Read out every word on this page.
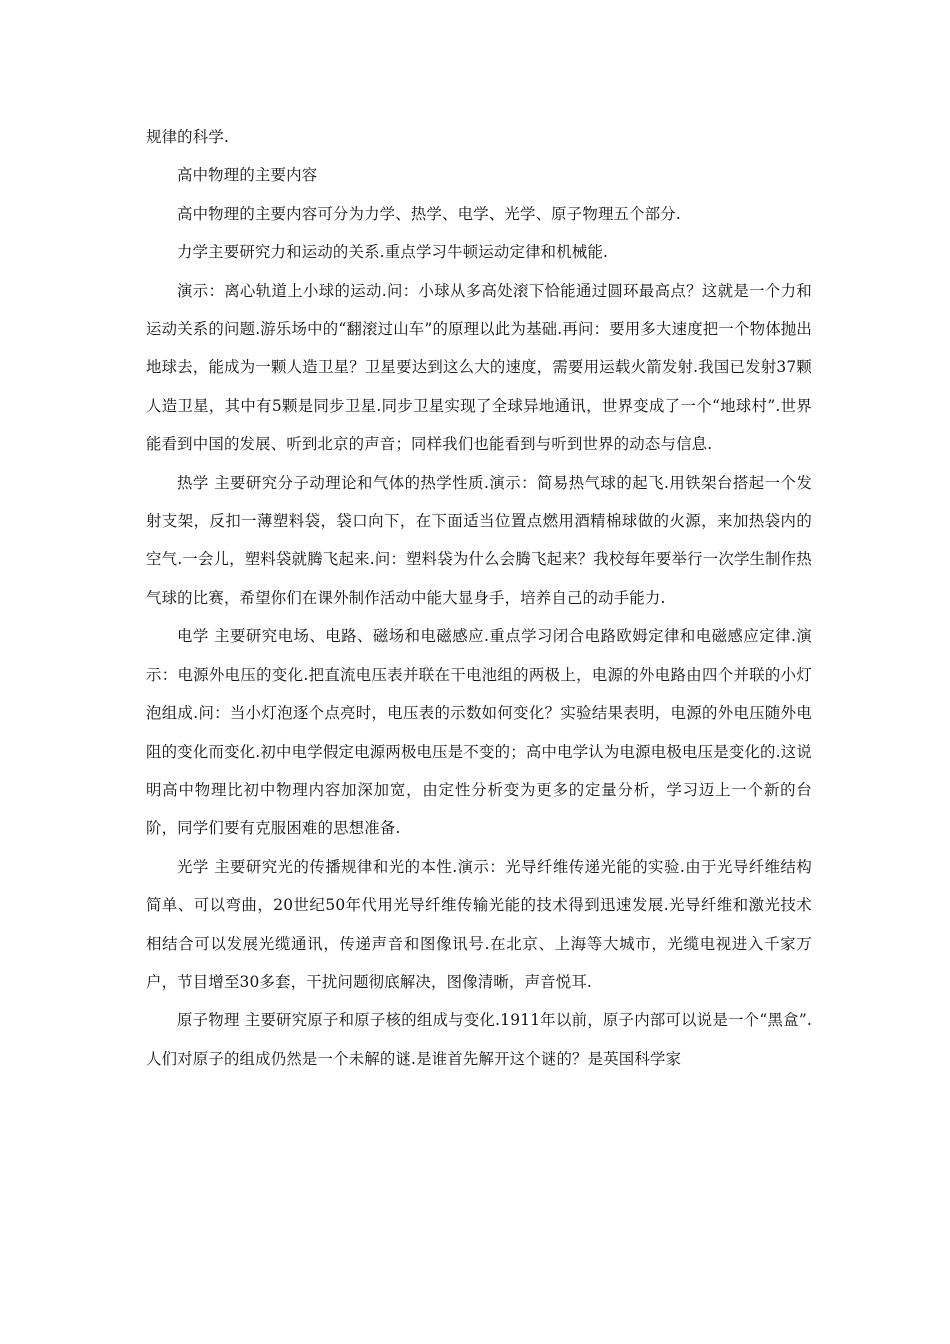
规律的科学.

高中物理的主要内容

高中物理的主要内容可分为力学、热学、电学、光学、原子物理五个部分.

力学主要研究力和运动的关系.重点学习牛顿运动定律和机械能.

演示：离心轨道上小球的运动.问：小球从多高处滚下恰能通过圆环最高点？这就是一个力和运动关系的问题.游乐场中的“翻滚过山车”的原理以此为基础.再问：要用多大速度把一个物体抛出地球去，能成为一颗人造卫星？卫星要达到这么大的速度，需要用运载火箭发射.我国已发射37颗人造卫星，其中有5颗是同步卫星.同步卫星实现了全球异地通讯，世界变成了一个“地球村”.世界能看到中国的发展、听到北京的声音；同样我们也能看到与听到世界的动态与信息.

热学 主要研究分子动理论和气体的热学性质.演示：简易热气球的起飞.用铁架台搭起一个发射支架，反扣一薄塑料袋，袋口向下，在下面适当位置点燃用酒精棉球做的火源，来加热袋内的空气.一会儿，塑料袋就腾飞起来.问：塑料袋为什么会腾飞起来？我校每年要举行一次学生制作热气球的比赛，希望你们在课外制作活动中能大显身手，培养自己的动手能力.

电学 主要研究电场、电路、磁场和电磁感应.重点学习闭合电路欧姆定律和电磁感应定律.演示：电源外电压的变化.把直流电压表并联在干电池组的两极上，电源的外电路由四个并联的小灯泡组成.问：当小灯泡逐个点亮时，电压表的示数如何变化？实验结果表明，电源的外电压随外电阻的变化而变化.初中电学假定电源两极电压是不变的；高中电学认为电源电极电压是变化的.这说明高中物理比初中物理内容加深加宽，由定性分析变为更多的定量分析，学习迈上一个新的台阶，同学们要有克服困难的思想准备.

光学 主要研究光的传播规律和光的本性.演示：光导纤维传递光能的实验.由于光导纤维结构简单、可以弯曲，20世纪50年代用光导纤维传输光能的技术得到迅速发展.光导纤维和激光技术相结合可以发展光缆通讯，传递声音和图像讯号.在北京、上海等大城市，光缆电视进入千家万户，节目增至30多套，干扰问题彻底解决，图像清晰，声音悦耳.

原子物理 主要研究原子和原子核的组成与变化.1911年以前，原子内部可以说是一个“黑盒”.人们对原子的组成仍然是一个未解的谜.是谁首先解开这个谜的？是英国科学家
